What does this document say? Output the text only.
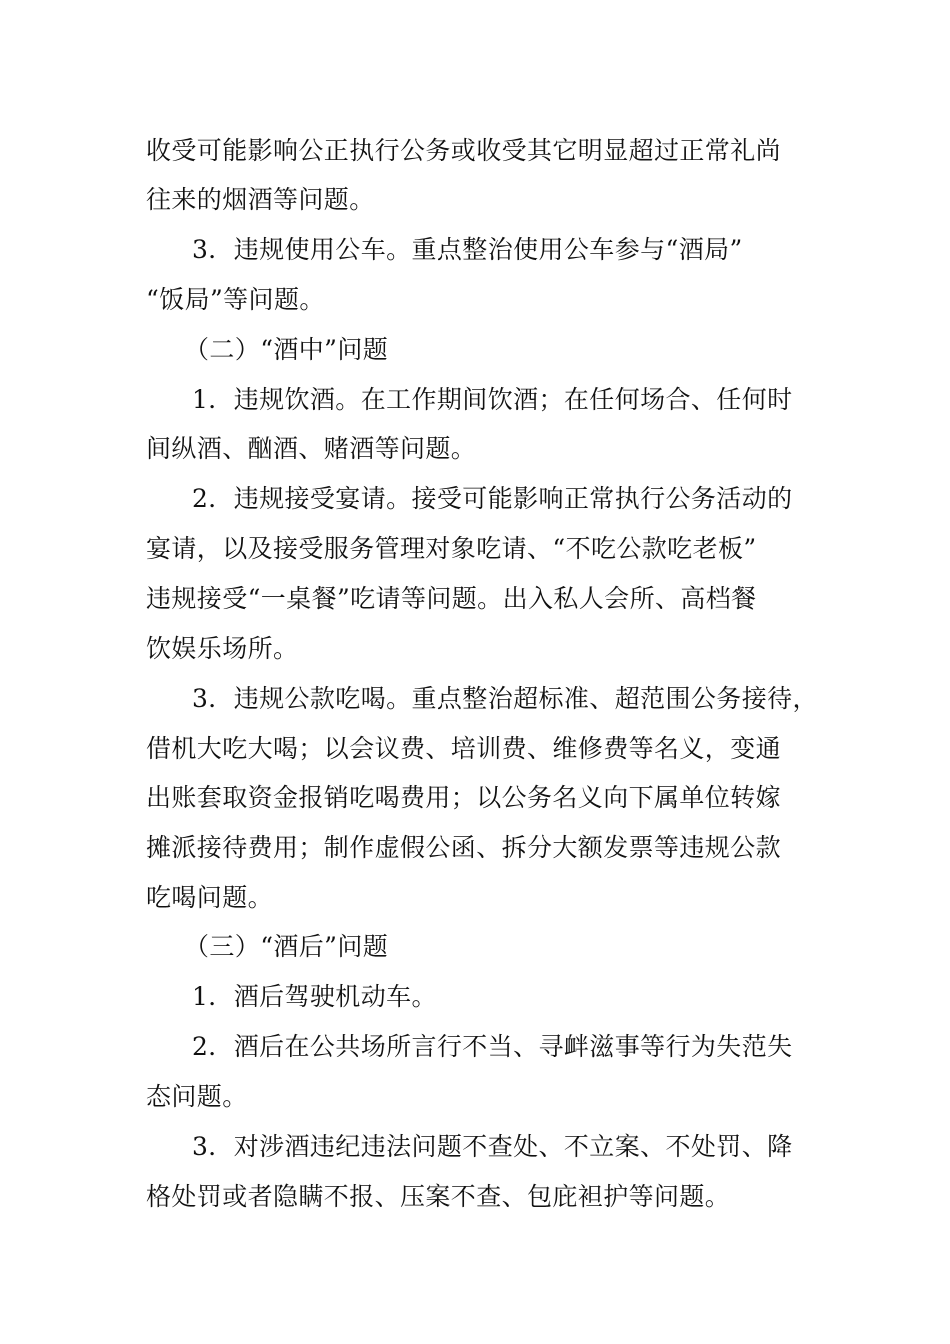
收受可能影响公正执行公务或收受其它明显超过正常礼尚
往来的烟酒等问题。
3．违规使用公车。重点整治使用公车参与“酒局”
“饭局”等问题。
（二）“酒中”问题
1．违规饮酒。在工作期间饮酒；在任何场合、任何时
间纵酒、酗酒、赌酒等问题。
2．违规接受宴请。接受可能影响正常执行公务活动的
宴请，以及接受服务管理对象吃请、“不吃公款吃老板”
违规接受“一桌餐”吃请等问题。出入私人会所、高档餐
饮娱乐场所。
3．违规公款吃喝。重点整治超标准、超范围公务接待，
借机大吃大喝；以会议费、培训费、维修费等名义，变通
出账套取资金报销吃喝费用；以公务名义向下属单位转嫁
摊派接待费用；制作虚假公函、拆分大额发票等违规公款
吃喝问题。
（三）“酒后”问题
1．酒后驾驶机动车。
2．酒后在公共场所言行不当、寻衅滋事等行为失范失
态问题。
3．对涉酒违纪违法问题不查处、不立案、不处罚、降
格处罚或者隐瞒不报、压案不查、包庇袒护等问题。
